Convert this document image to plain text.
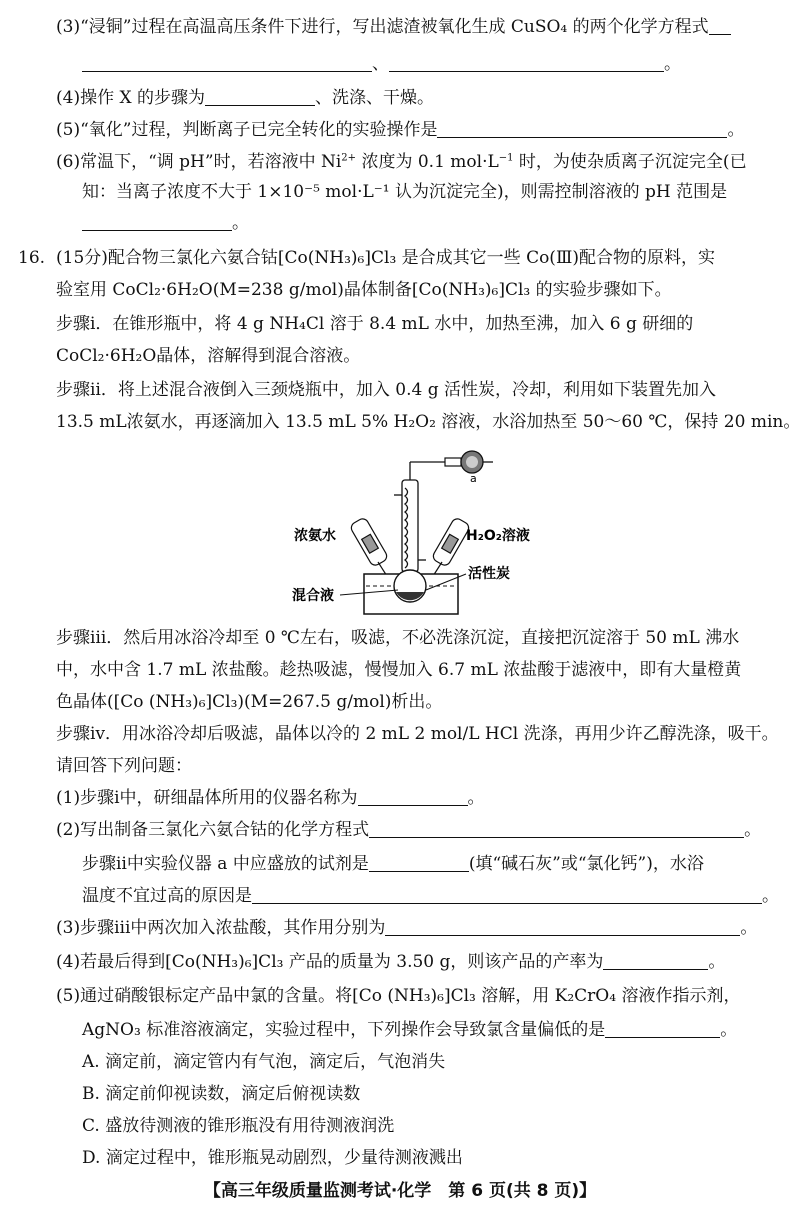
(3)“浸铜”过程在高温高压条件下进行，写出滤渣被氧化生成 CuSO₄ 的两个化学方程式
、	。
(4)操作 X 的步骤为	、洗涤、干燥。
(5)“氧化”过程，判断离子已完全转化的实验操作是	。
(6)常温下，“调 pH”时，若溶液中 $Ni^{2+}$ 浓度为 0.1 $mol\cdot L^{-1}$ 时，为使杂质离子沉淀完全(已
知：当离子浓度不大于 1×10⁻⁵ mol·L⁻¹ 认为沉淀完全)，则需控制溶液的 pH 范围是
。
16. (15分)配合物三氯化六氨合钴[Co(NH₃)₆]Cl₃ 是合成其它一些 Co(Ⅲ)配合物的原料，实
验室用 CoCl₂·6H₂O(M=238 g/mol)晶体制备[Co(NH₃)₆]Cl₃ 的实验步骤如下。
步骤ⅰ．在锥形瓶中，将 4 g NH₄Cl 溶于 8.4 mL 水中，加热至沸，加入 6 g 研细的
CoCl₂·6H₂O晶体，溶解得到混合溶液。
步骤ⅱ．将上述混合液倒入三颈烧瓶中，加入 0.4 g 活性炭，冷却，利用如下装置先加入
13.5 mL浓氨水，再逐滴加入 13.5 mL 5% H₂O₂ 溶液，水浴加热至 50～60 ℃，保持 20 min。
a
浓氨水	H₂O₂溶液
活性炭
混合液
步骤ⅲ．然后用冰浴冷却至 0 ℃左右，吸滤，不必洗涤沉淀，直接把沉淀溶于 50 mL 沸水
中，水中含 1.7 mL 浓盐酸。趁热吸滤，慢慢加入 6.7 mL 浓盐酸于滤液中，即有大量橙黄
色晶体([Co (NH₃)₆]Cl₃)(M=267.5 g/mol)析出。
步骤ⅳ．用冰浴冷却后吸滤，晶体以冷的 2 mL 2 mol/L HCl 洗涤，再用少许乙醇洗涤，吸干。
请回答下列问题：
(1)步骤ⅰ中，研细晶体所用的仪器名称为	。
(2)写出制备三氯化六氨合钴的化学方程式	。
步骤ⅱ中实验仪器 a 中应盛放的试剂是	(填“碱石灰”或“氯化钙”)，水浴
温度不宜过高的原因是	。
(3)步骤ⅲ中两次加入浓盐酸，其作用分别为	。
(4)若最后得到[Co(NH₃)₆]Cl₃ 产品的质量为 3.50 g，则该产品的产率为	。
(5)通过硝酸银标定产品中氯的含量。将[Co (NH₃)₆]Cl₃ 溶解，用 K₂CrO₄ 溶液作指示剂，
AgNO₃ 标准溶液滴定，实验过程中，下列操作会导致氯含量偏低的是	。
A. 滴定前，滴定管内有气泡，滴定后，气泡消失
B. 滴定前仰视读数，滴定后俯视读数
C. 盛放待测液的锥形瓶没有用待测液润洗
D. 滴定过程中，锥形瓶晃动剧烈，少量待测液溅出
【高三年级质量监测考试·化学　第 6 页(共 8 页)】
